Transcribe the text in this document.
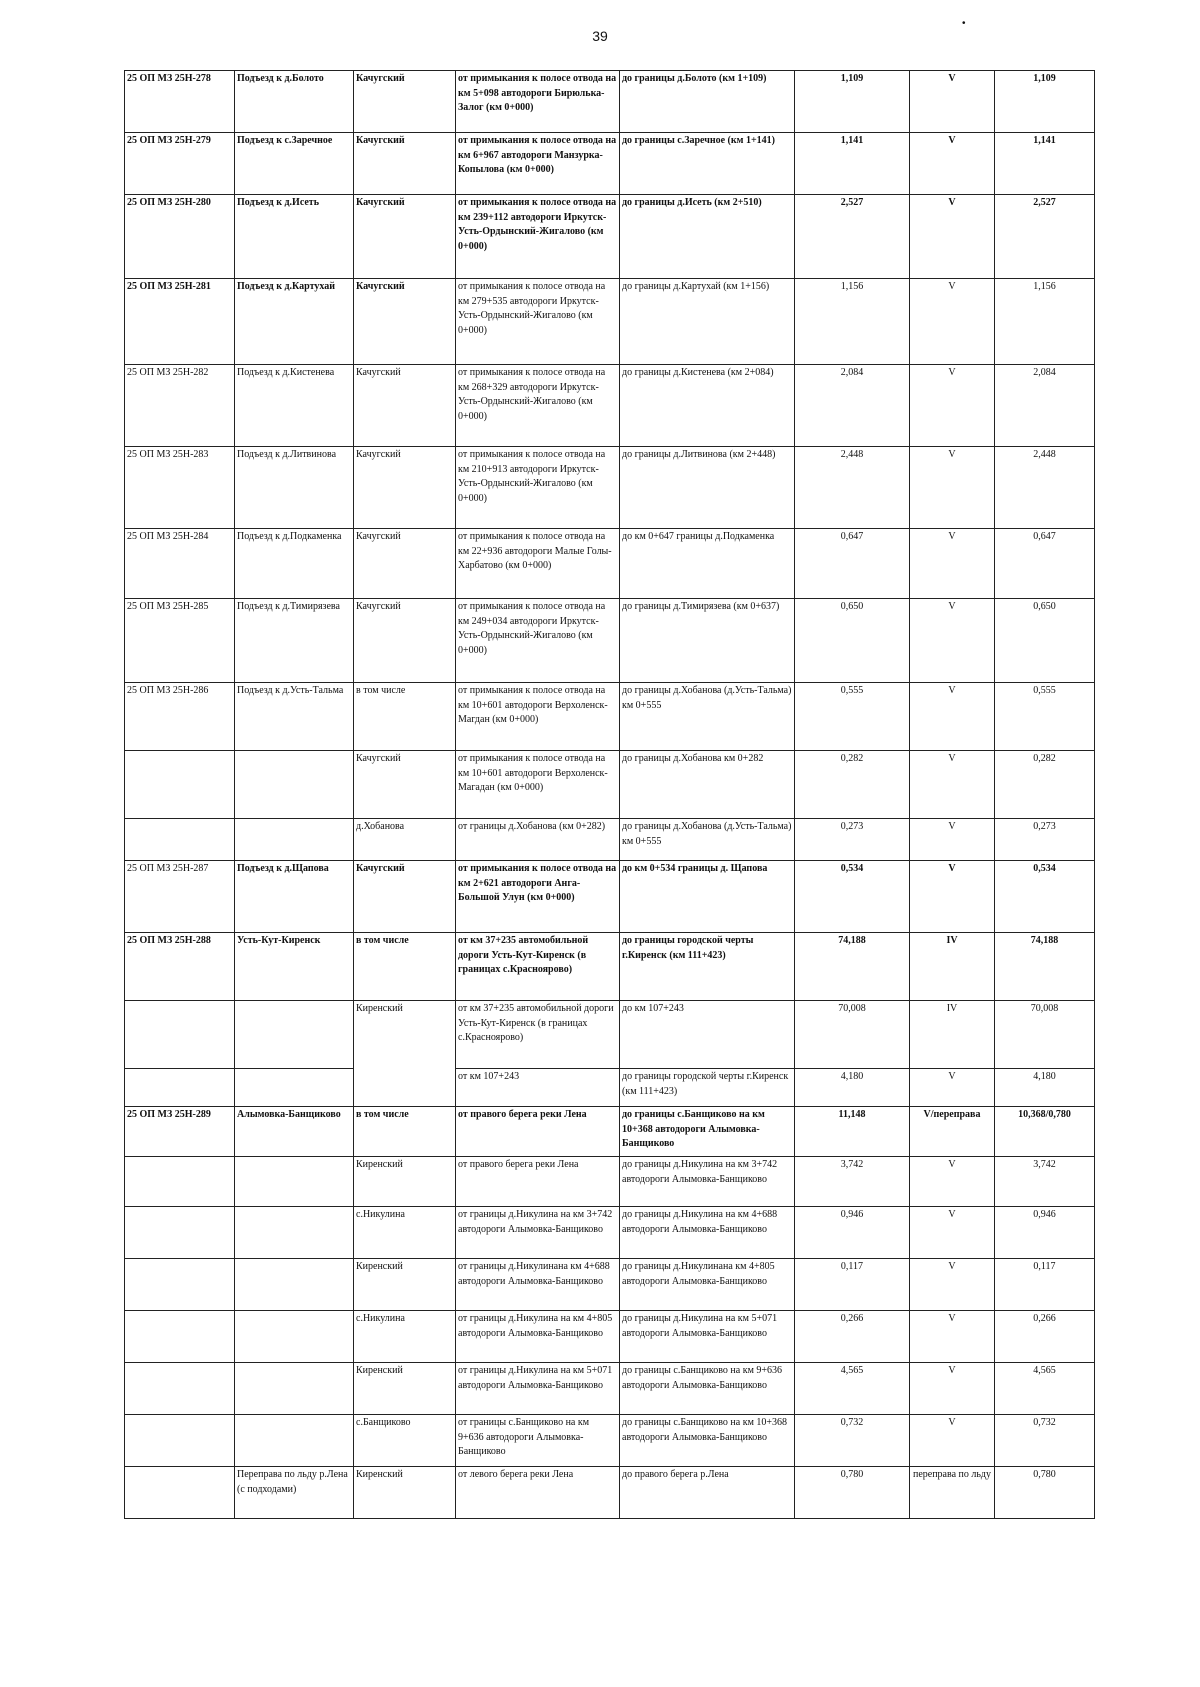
39
•
25 ОП МЗ 25Н-278	Подъезд к д.Болото	Качугский	от примыкания к полосе отвода на км 5+098 автодороги Бирюлька-Залог (км 0+000)	до границы д.Болото (км 1+109)	1,109	V	1,109
25 ОП МЗ 25Н-279	Подъезд к с.Заречное	Качугский	от примыкания к полосе отвода на км 6+967 автодороги Манзурка-Копылова (км 0+000)	до границы с.Заречное (км 1+141)	1,141	V	1,141
25 ОП МЗ 25Н-280	Подъезд к д.Исеть	Качугский	от примыкания к полосе отвода на км 239+112 автодороги Иркутск-Усть-Ордынский-Жигалово (км 0+000)	до границы д.Исеть (км 2+510)	2,527	V	2,527
25 ОП МЗ 25Н-281	Подъезд к д.Картухай	Качугский	от примыкания к полосе отвода на км 279+535 автодороги Иркутск-Усть-Ордынский-Жигалово (км 0+000)	до границы д.Картухай (км 1+156)	1,156	V	1,156
25 ОП МЗ 25Н-282	Подъезд к д.Кистенева	Качугский	от примыкания к полосе отвода на км 268+329 автодороги Иркутск-Усть-Ордынский-Жигалово (км 0+000)	до границы д.Кистенева (км 2+084)	2,084	V	2,084
25 ОП МЗ 25Н-283	Подъезд к д.Литвинова	Качугский	от примыкания к полосе отвода на км 210+913 автодороги Иркутск-Усть-Ордынский-Жигалово (км 0+000)	до границы д.Литвинова (км 2+448)	2,448	V	2,448
25 ОП МЗ 25Н-284	Подъезд к д.Подкаменка	Качугский	от примыкания к полосе отвода на км 22+936 автодороги Малые Голы-Харбатово (км 0+000)	до км 0+647 границы д.Подкаменка	0,647	V	0,647
25 ОП МЗ 25Н-285	Подъезд к д.Тимирязева	Качугский	от примыкания к полосе отвода на км 249+034 автодороги Иркутск-Усть-Ордынский-Жигалово (км 0+000)	до границы д.Тимирязева (км 0+637)	0,650	V	0,650
25 ОП МЗ 25Н-286	Подъезд к д.Усть-Тальма	в том числе	от примыкания к полосе отвода на км 10+601 автодороги Верхоленск-Магдан (км 0+000)	до границы д.Хобанова (д.Усть-Тальма) км 0+555	0,555	V	0,555
		Качугский	от примыкания к полосе отвода на км 10+601 автодороги Верхоленск-Магадан (км 0+000)	до границы д.Хобанова км 0+282	0,282	V	0,282
		д.Хобанова	от границы д.Хобанова (км 0+282)	до границы д.Хобанова (д.Усть-Тальма) км 0+555	0,273	V	0,273
25 ОП МЗ 25Н-287	Подъезд к д.Щапова	Качугский	от примыкания к полосе отвода на км 2+621 автодороги Анга-Большой Улун (км 0+000)	до км 0+534 границы д. Щапова	0,534	V	0,534
25 ОП МЗ 25Н-288	Усть-Кут-Киренск	в том числе	от км 37+235 автомобильной дороги Усть-Кут-Киренск (в границах с.Красноярово)	до границы городской черты г.Киренск (км 111+423)	74,188	IV	74,188
		Киренский	от км 37+235 автомобильной дороги Усть-Кут-Киренск (в границах с.Красноярово)	до км 107+243	70,008	IV	70,008
			от км 107+243	до границы городской черты г.Киренск (км 111+423)	4,180	V	4,180
25 ОП МЗ 25Н-289	Алымовка-Банщиково	в том числе	от правого берега реки Лена	до границы с.Банщиково на км 10+368 автодороги Алымовка-Банщиково	11,148	V/переправа	10,368/0,780
		Киренский	от правого берега реки Лена	до границы д.Никулина на км 3+742 автодороги Алымовка-Банщиково	3,742	V	3,742
		с.Никулина	от границы д.Никулина на км 3+742 автодороги Алымовка-Банщиково	до границы д.Никулина на км 4+688 автодороги Алымовка-Банщиково	0,946	V	0,946
		Киренский	от границы д.Никулинана км 4+688 автодороги Алымовка-Банщиково	до границы д.Никулинана км 4+805 автодороги Алымовка-Банщиково	0,117	V	0,117
		с.Никулина	от границы д.Никулина на км 4+805 автодороги Алымовка-Банщиково	до границы д.Никулина на км 5+071 автодороги Алымовка-Банщиково	0,266	V	0,266
		Киренский	от границы д.Никулина на км 5+071 автодороги Алымовка-Банщиково	до границы с.Банщиково на км 9+636 автодороги Алымовка-Банщиково	4,565	V	4,565
		с.Банщиково	от границы с.Банщиково на км 9+636 автодороги Алымовка-Банщиково	до границы с.Банщиково на км 10+368 автодороги Алымовка-Банщиково	0,732	V	0,732
	Переправа по льду р.Лена (с подходами)	Киренский	от левого берега реки Лена	до правого берега р.Лена	0,780	переправа по льду	0,780
